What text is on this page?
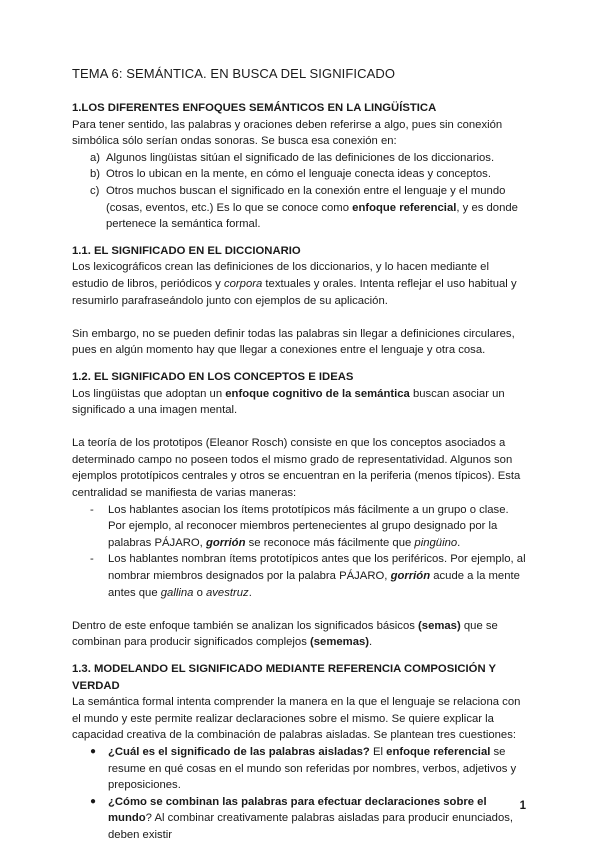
TEMA 6: SEMÁNTICA. EN BUSCA DEL SIGNIFICADO
1.LOS DIFERENTES ENFOQUES SEMÁNTICOS EN LA LINGÜÍSTICA

Para tener sentido, las palabras y oraciones deben referirse a algo, pues sin conexión simbólica sólo serían ondas sonoras. Se busca esa conexión en:

a) Algunos lingüistas sitúan el significado de las definiciones de los diccionarios.
b) Otros lo ubican en la mente, en cómo el lenguaje conecta ideas y conceptos.
c) Otros muchos buscan el significado en la conexión entre el lenguaje y el mundo (cosas, eventos, etc.) Es lo que se conoce como enfoque referencial, y es donde pertenece la semántica formal.
1.1. EL SIGNIFICADO EN EL DICCIONARIO

Los lexicográficos crean las definiciones de los diccionarios, y lo hacen mediante el estudio de libros, periódicos y corpora textuales y orales. Intenta reflejar el uso habitual y resumirlo parafraseándolo junto con ejemplos de su aplicación.

Sin embargo, no se pueden definir todas las palabras sin llegar a definiciones circulares, pues en algún momento hay que llegar a conexiones entre el lenguaje y otra cosa.

1.2. EL SIGNIFICADO EN LOS CONCEPTOS E IDEAS

Los lingüistas que adoptan un enfoque cognitivo de la semántica buscan asociar un significado a una imagen mental.

La teoría de los prototipos (Eleanor Rosch) consiste en que los conceptos asociados a determinado campo no poseen todos el mismo grado de representatividad. Algunos son ejemplos prototípicos centrales y otros se encuentran en la periferia (menos típicos). Esta centralidad se manifiesta de varias maneras:

- Los hablantes asocian los ítems prototípicos más fácilmente a un grupo o clase. Por ejemplo, al reconocer miembros pertenecientes al grupo designado por la palabras PÁJARO, gorrión se reconoce más fácilmente que pingüino.
- Los hablantes nombran ítems prototípicos antes que los periféricos. Por ejemplo, al nombrar miembros designados por la palabra PÁJARO, gorrión acude a la mente antes que gallina o avestruz.

Dentro de este enfoque también se analizan los significados básicos (semas) que se combinan para producir significados complejos (sememas).

1.3. MODELANDO EL SIGNIFICADO MEDIANTE REFERENCIA COMPOSICIÓN Y VERDAD

La semántica formal intenta comprender la manera en la que el lenguaje se relaciona con el mundo y este permite realizar declaraciones sobre el mismo. Se quiere explicar la capacidad creativa de la combinación de palabras aisladas. Se plantean tres cuestiones:

● ¿Cuál es el significado de las palabras aisladas? El enfoque referencial se resume en qué cosas en el mundo son referidas por nombres, verbos, adjetivos y preposiciones.
● ¿Cómo se combinan las palabras para efectuar declaraciones sobre el mundo? Al combinar creativamente palabras aisladas para producir enunciados, deben existir
1
